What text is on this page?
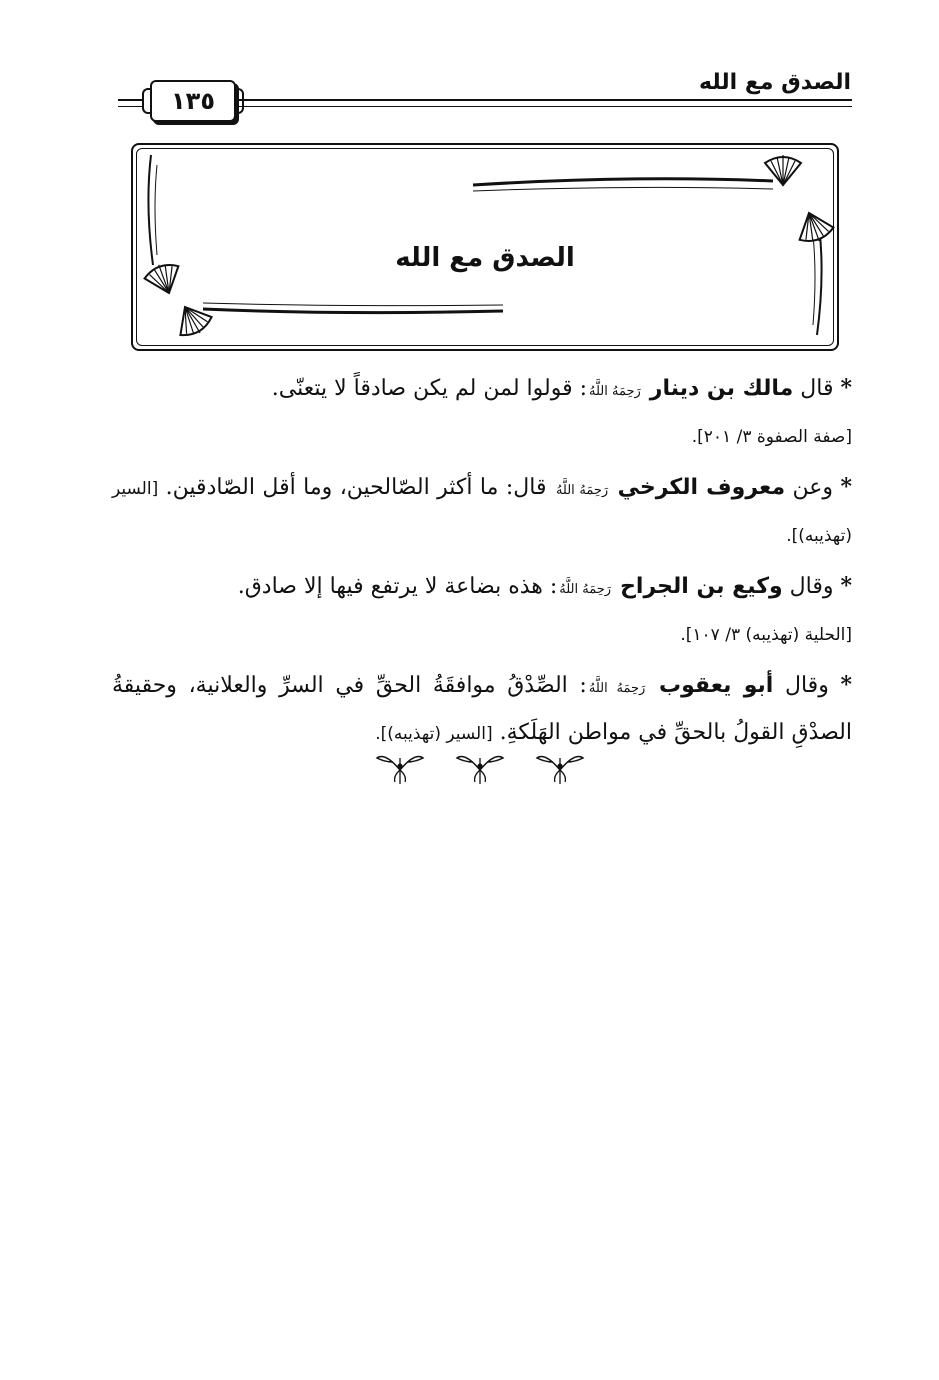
الصدق مع الله
١٣٥
الصدق مع الله

* قال مالك بن دينار رَحِمَهُ اللَّهُ: قولوا لمن لم يكن صادقاً لا يتعنّى.
[صفة الصفوة ٣/ ٢٠١].

* وعن معروف الكرخي رَحِمَهُ اللَّهُ قال: ما أكثر الصّالحين، وما أقل الصّادقين. [السير (تهذيبه)].

* وقال وكيع بن الجراح رَحِمَهُ اللَّهُ: هذه بضاعة لا يرتفع فيها إلا صادق.
[الحلية (تهذيبه) ٣/ ١٠٧].

* وقال أبو يعقوب رَحِمَهُ اللَّهُ: الصِّدْقُ موافقَةُ الحقِّ في السرِّ والعلانية، وحقيقةُ الصدْقِ القولُ بالحقِّ في مواطن الهَلَكةِ. [السير (تهذيبه)].
